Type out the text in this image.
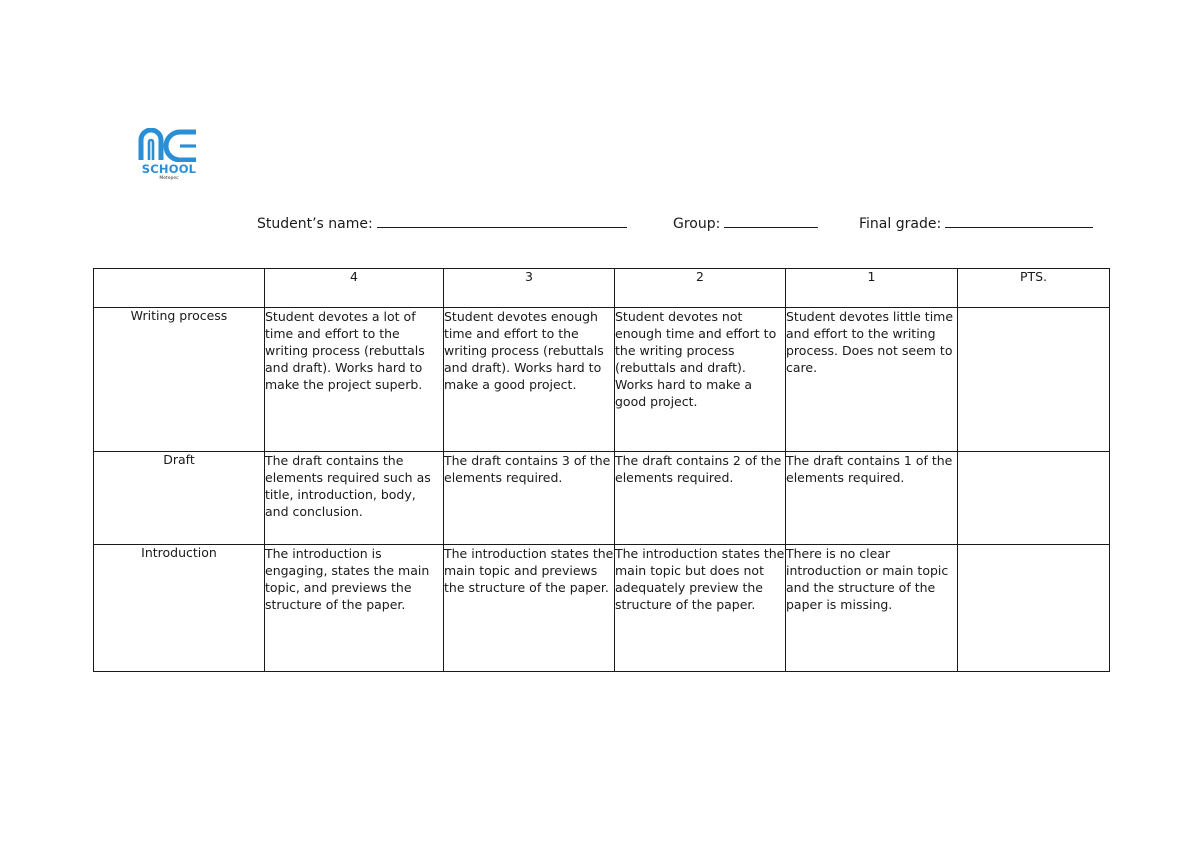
SCHOOL
Metepec
Student’s name:	Group:	Final grade:
	4	3	2	1	PTS.
Writing process	Student devotes a lot of time and effort to the writing process (rebuttals and draft). Works hard to make the project superb.	Student devotes enough time and effort to the writing process (rebuttals and draft). Works hard to make a good project.	Student devotes not enough time and effort to the writing process (rebuttals and draft). Works hard to make a good project.	Student devotes little time and effort to the writing process. Does not seem to care.	
Draft	The draft contains the elements required such as title, introduction, body, and conclusion.	The draft contains 3 of the elements required.	The draft contains 2 of the elements required.	The draft contains 1 of the elements required.	
Introduction	The introduction is engaging, states the main topic, and previews the structure of the paper.	The introduction states the main topic and previews the structure of the paper.	The introduction states the main topic but does not adequately preview the structure of the paper.	There is no clear introduction or main topic and the structure of the paper is missing.	
